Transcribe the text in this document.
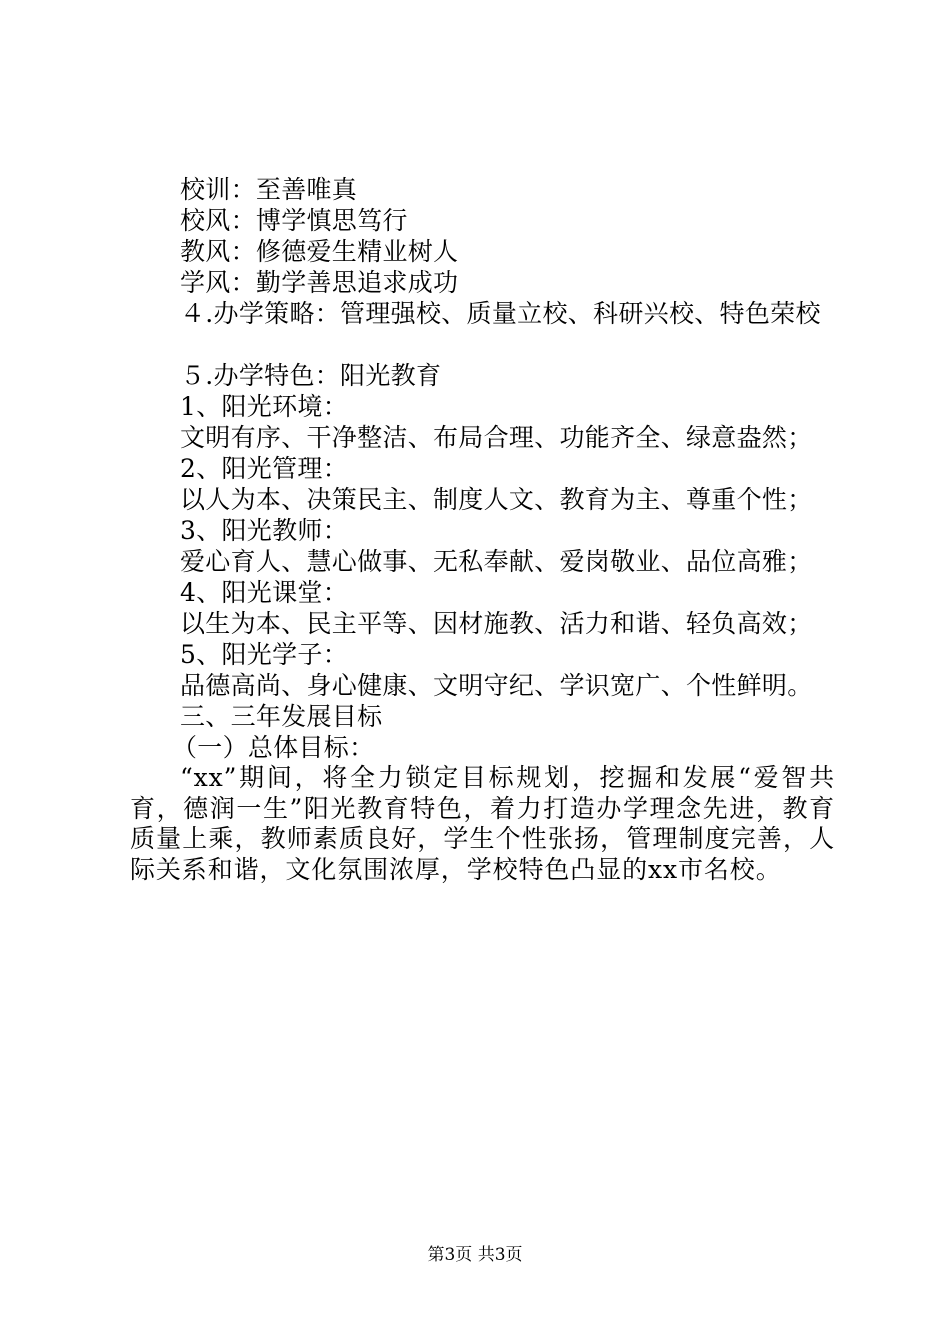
校训：至善唯真
校风：博学慎思笃行
教风：修德爱生精业树人
学风：勤学善思追求成功
４.办学策略：管理强校、质量立校、科研兴校、特色荣校
５.办学特色：阳光教育
1、阳光环境：
文明有序、干净整洁、布局合理、功能齐全、绿意盎然；
2、阳光管理：
以人为本、决策民主、制度人文、教育为主、尊重个性；
3、阳光教师：
爱心育人、慧心做事、无私奉献、爱岗敬业、品位高雅；
4、阳光课堂：
以生为本、民主平等、因材施教、活力和谐、轻负高效；
5、阳光学子：
品德高尚、身心健康、文明守纪、学识宽广、个性鲜明。
三、三年发展目标
（一）总体目标：
“xx”期间，将全力锁定目标规划，挖掘和发展“爱智共育，德润一生”阳光教育特色，着力打造办学理念先进，教育质量上乘，教师素质良好，学生个性张扬，管理制度完善，人际关系和谐，文化氛围浓厚，学校特色凸显的xx市名校。
第3页 共3页
